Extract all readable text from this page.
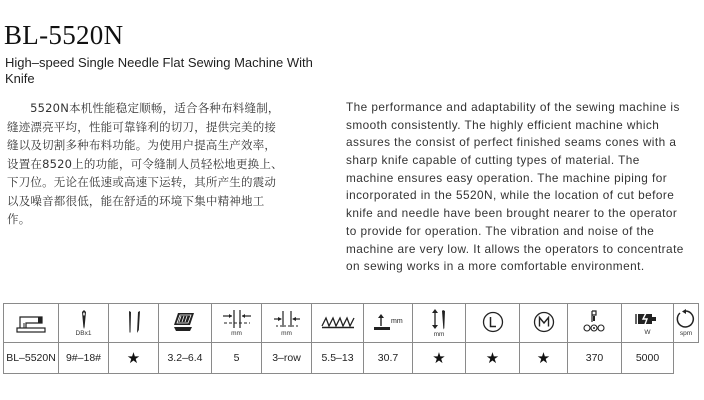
BL-5520N
High–speed Single Needle Flat Sewing Machine With Knife
5520N本机性能稳定顺畅，适合各种布料缝制，
缝迹漂亮平均，性能可靠锋利的切刀，提供完美的接
缝以及切割多种布料功能。为使用户提高生产效率，
设置在8520上的功能，可令缝制人员轻松地更换上、
下刀位。无论在低速或高速下运转，其所产生的震动
以及噪音都很低，能在舒适的环境下集中精神地工
作。
The performance and adaptability of the sewing machine is
smooth consistently. The highly efficient machine which
assures the consist of perfect finished seams cones with a
sharp knife capable of cutting types of material. The
machine ensures easy operation. The machine piping for
incorporated in the 5520N, while the location of cut before
knife and needle have been brought nearer to the operator
to provide for operation. The vibration and noise of the
machine are very low. It allows the operators to concentrate
on sewing works in a more comfortable environment.

DBx1			mm	mm		mm	mm				W	spm

BL–5520N	9#–18#	★	3.2–6.4	5	3–row	5.5–13	30.7	★	★	★	370	5000	
